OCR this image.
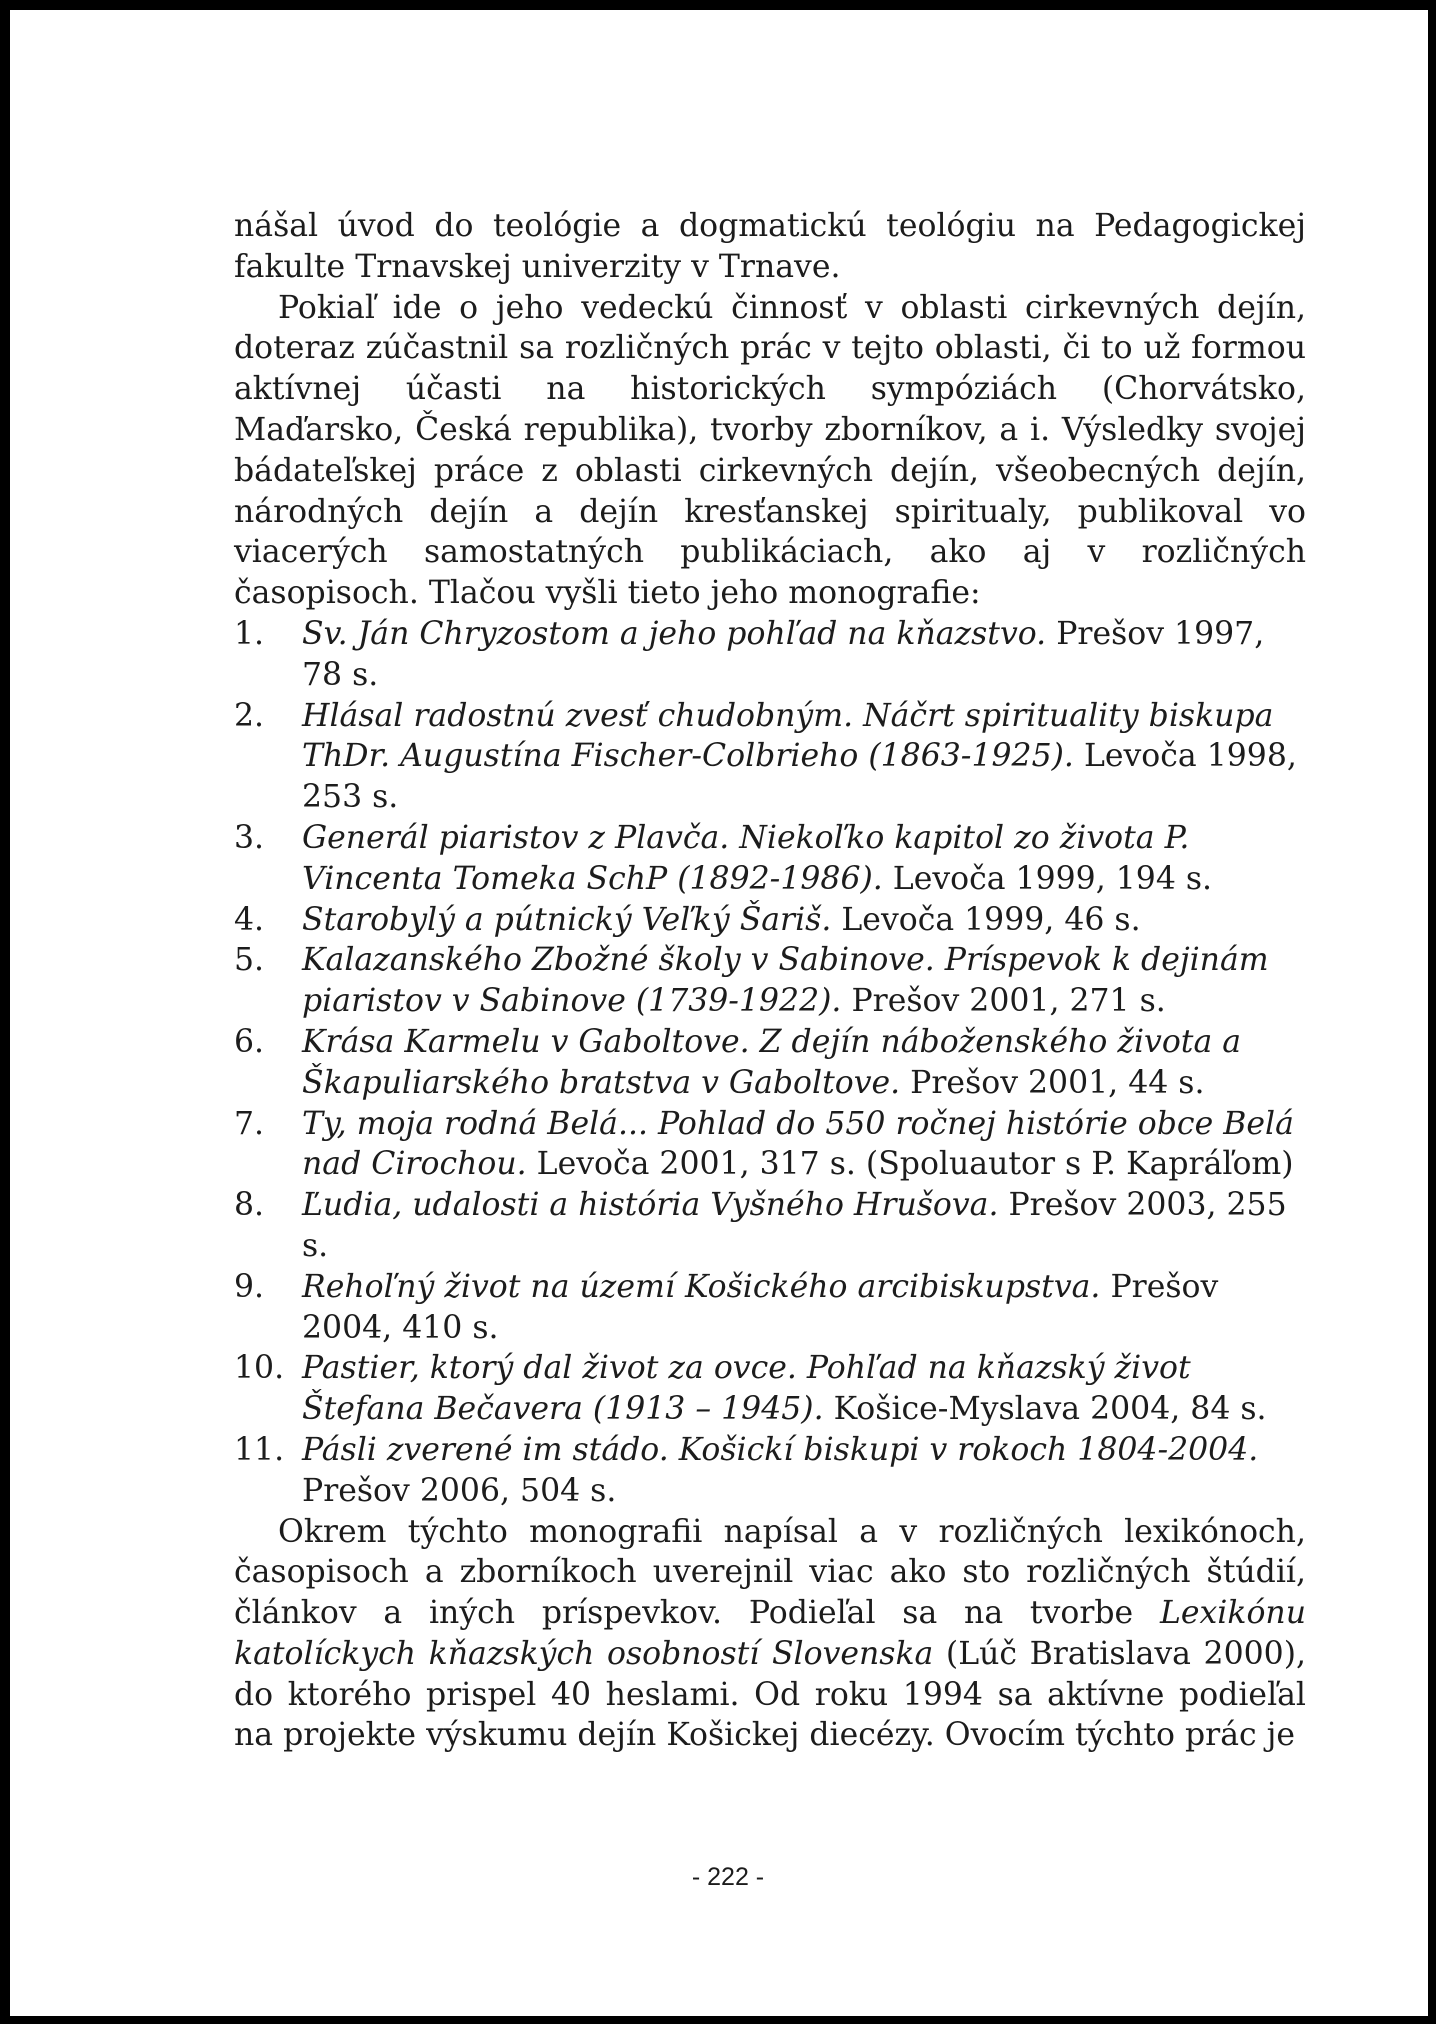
nášal úvod do teológie a dogmatickú teológiu na Pedagogickej fakulte Trnavskej univerzity v Trnave.

Pokiaľ ide o jeho vedeckú činnosť v oblasti cirkevných dejín, doteraz zúčastnil sa rozličných prác v tejto oblasti, či to už formou aktívnej účasti na historických sympóziách (Chorvátsko, Maďarsko, Česká republika), tvorby zborníkov, a i. Výsledky svojej bádateľskej práce z oblasti cirkevných dejín, všeobecných dejín, národných dejín a dejín kresťanskej spiritualy, publikoval vo viacerých samostatných publikáciach, ako aj v rozličných časopisoch. Tlačou vyšli tieto jeho monografie:

1.	Sv. Ján Chryzostom a jeho pohľad na kňazstvo. Prešov 1997, 78 s.
2.	Hlásal radostnú zvesť chudobným. Náčrt spirituality biskupa ThDr. Augustína Fischer-Colbrieho (1863-1925). Levoča 1998, 253 s.
3.	Generál piaristov z Plavča. Niekoľko kapitol zo života P. Vincenta Tomeka SchP (1892-1986). Levoča 1999, 194 s.
4.	Starobylý a pútnický Veľký Šariš. Levoča 1999, 46 s.
5.	Kalazanského Zbožné školy v Sabinove. Príspevok k dejinám piaristov v Sabinove (1739-1922). Prešov 2001, 271 s.
6.	Krása Karmelu v Gaboltove. Z dejín náboženského života a Škapuliarského bratstva v Gaboltove. Prešov 2001, 44 s.
7.	Ty, moja rodná Belá... Pohlad do 550 ročnej histórie obce Belá nad Cirochou. Levoča 2001, 317 s. (Spoluautor s P. Kapráľom)
8.	Ľudia, udalosti a história Vyšného Hrušova. Prešov 2003, 255 s.
9.	Rehoľný život na území Košického arcibiskupstva. Prešov 2004, 410 s.
10. Pastier, ktorý dal život za ovce. Pohľad na kňazský život Štefana Bečavera (1913 – 1945). Košice-Myslava 2004, 84 s.
11. Pásli zverené im stádo. Košickí biskupi v rokoch 1804-2004. Prešov 2006, 504 s.

Okrem týchto monografii napísal a v rozličných lexikónoch, časopisoch a zborníkoch uverejnil viac ako sto rozličných štúdií, článkov a iných príspevkov. Podieľal sa na tvorbe Lexikónu katolíckych kňazských osobností Slovenska (Lúč Bratislava 2000), do ktorého prispel 40 heslami. Od roku 1994 sa aktívne podieľal na projekte výskumu dejín Košickej diecézy. Ovocím týchto prác je

- 222 -
